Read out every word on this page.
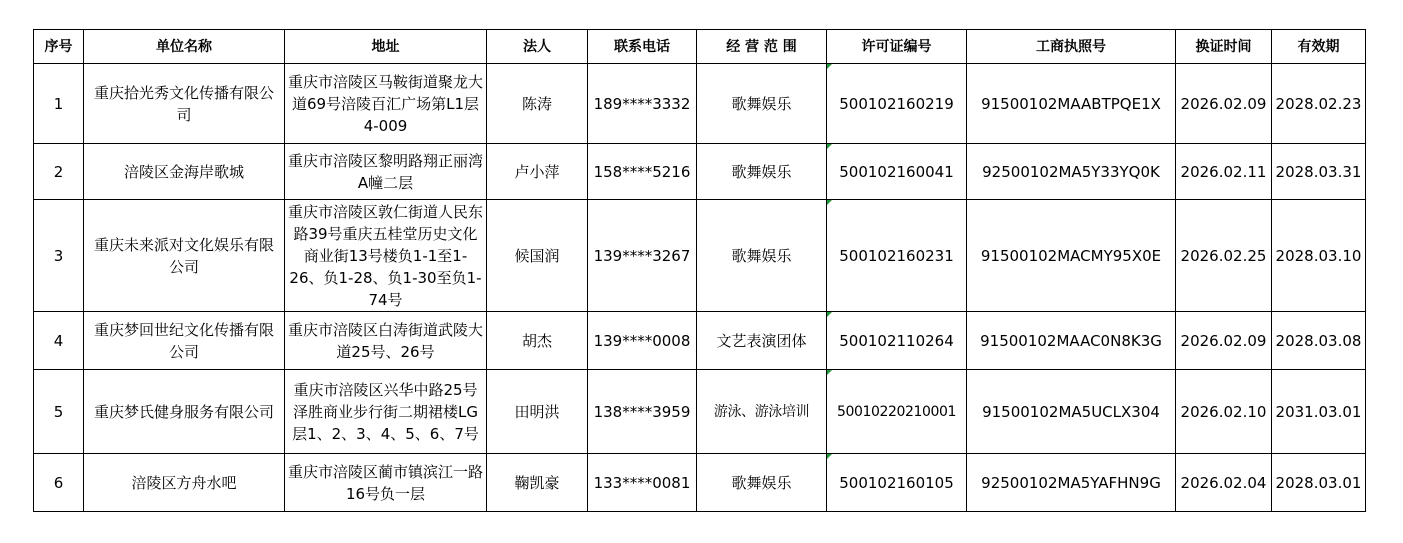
序号	单位名称	地址	法人	联系电话	经 营 范 围	许可证编号	工商执照号	换证时间	有效期
1	重庆拾光秀文化传播有限公司	重庆市涪陵区马鞍街道聚龙大道69号涪陵百汇广场第L1层4-009	陈涛	189****3332	歌舞娱乐	500102160219	91500102MAABTPQE1X	2026.02.09	2028.02.23
2	涪陵区金海岸歌城	重庆市涪陵区黎明路翔正丽湾A幢二层	卢小萍	158****5216	歌舞娱乐	500102160041	92500102MA5Y33YQ0K	2026.02.11	2028.03.31
3	重庆未来派对文化娱乐有限公司	重庆市涪陵区敦仁街道人民东路39号重庆五桂堂历史文化商业街13号楼负1-1至1-26、负1-28、负1-30至负1-74号	候国润	139****3267	歌舞娱乐	500102160231	91500102MACMY95X0E	2026.02.25	2028.03.10
4	重庆梦回世纪文化传播有限公司	重庆市涪陵区白涛街道武陵大道25号、26号	胡杰	139****0008	文艺表演团体	500102110264	91500102MAAC0N8K3G	2026.02.09	2028.03.08
5	重庆梦氏健身服务有限公司	重庆市涪陵区兴华中路25号泽胜商业步行街二期裙楼LG层1、2、3、4、5、6、7号	田明洪	138****3959	游泳、游泳培训	50010220210001	91500102MA5UCLX304	2026.02.10	2031.03.01
6	涪陵区方舟水吧	重庆市涪陵区蔺市镇滨江一路16号负一层	鞠凯豪	133****0081	歌舞娱乐	500102160105	92500102MA5YAFHN9G	2026.02.04	2028.03.01
